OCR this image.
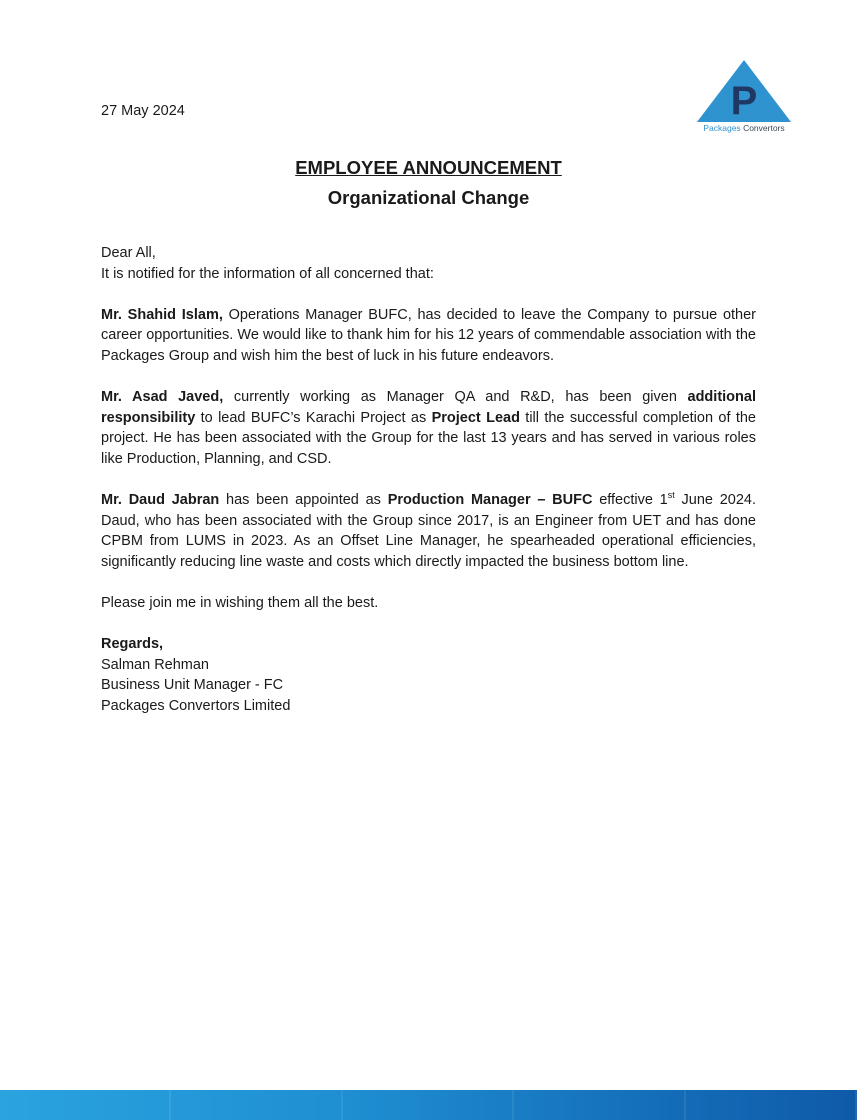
27 May 2024	P
Packages Convertors
EMPLOYEE ANNOUNCEMENT
Organizational Change

Dear All,
It is notified for the information of all concerned that:

Mr. Shahid Islam, Operations Manager BUFC, has decided to leave the Company to pursue other career opportunities. We would like to thank him for his 12 years of commendable association with the Packages Group and wish him the best of luck in his future endeavors.

Mr. Asad Javed, currently working as Manager QA and R&D, has been given additional responsibility to lead BUFC’s Karachi Project as Project Lead till the successful completion of the project. He has been associated with the Group for the last 13 years and has served in various roles like Production, Planning, and CSD.

Mr. Daud Jabran has been appointed as Production Manager – BUFC effective 1st June 2024. Daud, who has been associated with the Group since 2017, is an Engineer from UET and has done CPBM from LUMS in 2023. As an Offset Line Manager, he spearheaded operational efficiencies, significantly reducing line waste and costs which directly impacted the business bottom line.

Please join me in wishing them all the best.

Regards,
Salman Rehman
Business Unit Manager - FC
Packages Convertors Limited
